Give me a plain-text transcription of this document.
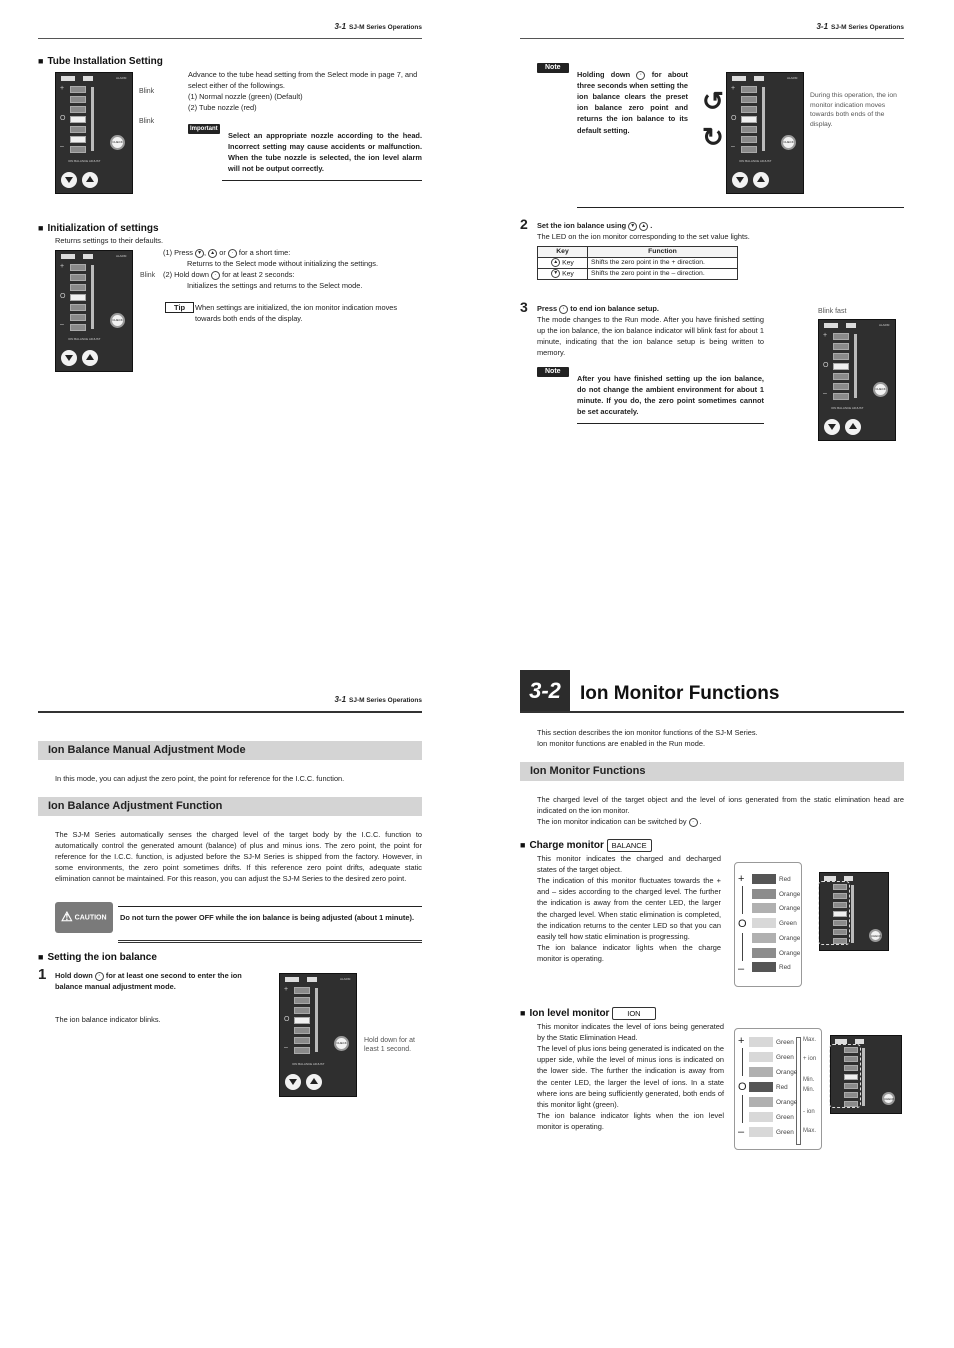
3-1 SJ-M Series Operations
■ Tube Installation Setting
ALARM
+
O
–
CHECK
ION BALANCE ADJUST
Blink
Blink
Advance to the tube head setting from the Select mode in page 7, and select either of the followings.
(1) Normal nozzle (green) (Default)
(2) Tube nozzle (red)
Important
Select an appropriate nozzle according to the head. Incorrect setting may cause accidents or malfunction. When the tube nozzle is selected, the ion level alarm will not be output correctly.
■ Initialization of settings
Returns settings to their defaults.
ALARM
+
O
–
CHECK
ION BALANCE ADJUST
Blink
(1) Press ▼ , ▲ or · for a short time:
Returns to the Select mode without initializing the settings.
(2) Hold down · for at least 2 seconds:
Initializes the settings and returns to the Select mode.
Tip	When settings are initialized, the ion monitor indication moves towards both ends of the display.
3-1 SJ-M Series Operations
Note
Holding down · for about three seconds when setting the ion balance clears the preset ion balance zero point and returns the ion balance to its default setting.
↺
↻
ALARM
+
O
–
CHECK
ION BALANCE ADJUST
During this operation, the ion monitor indication moves towards both ends of the display.
2 Set the ion balance using ▼ ▲ .
The LED on the ion monitor corresponding to the set value lights.
Key	Function
▲ Key	Shifts the zero point in the + direction.
▼ Key	Shifts the zero point in the – direction.
3 Press · to end ion balance setup.
The mode changes to the Run mode. After you have finished setting up the ion balance, the ion balance indicator will blink fast for about 1 minute, indicating that the ion balance setup is being written to memory.
Blink fast
ALARM
+
O
–
CHECK
ION BALANCE ADJUST
Note
After you have finished setting up the ion balance, do not change the ambient environment for about 1 minute. If you do, the zero point sometimes cannot be set accurately.
3-1 SJ-M Series Operations
Ion Balance Manual Adjustment Mode
In this mode, you can adjust the zero point, the point for reference for the I.C.C. function.
Ion Balance Adjustment Function
The SJ-M Series automatically senses the charged level of the target body by the I.C.C. function to automatically control the generated amount (balance) of plus and minus ions. The zero point, the point for reference for the I.C.C. function, is adjusted before the SJ-M Series is shipped from the factory. However, in some environments, the zero point sometimes drifts. If this reference zero point drifts, adequate static elimination cannot be maintained. For this reason, you can adjust the SJ-M Series to the desired zero point.
⚠ CAUTION	Do not turn the power OFF while the ion balance is being adjusted (about 1 minute).
■ Setting the ion balance
1 Hold down · for at least one second to enter the ion balance manual adjustment mode.
The ion balance indicator blinks.
ALARM
+
O
–
CHECK
ION BALANCE ADJUST
Hold down for at least 1 second.
3-2	Ion Monitor Functions
This section describes the ion monitor functions of the SJ-M Series.
Ion monitor functions are enabled in the Run mode.
Ion Monitor Functions
The charged level of the target object and the level of ions generated from the static elimination head are indicated on the ion monitor.
The ion monitor indication can be switched by · .
■ Charge monitor BALANCE
This monitor indicates the charged and decharged states of the target object.
The indication of this monitor fluctuates towards the + and – sides according to the charged level. The further the indication is away from the center LED, the larger the charged level. When static elimination is completed, the indication returns to the center LED so that you can easily tell how static elimination is progressing.
The ion balance indicator lights when the charge monitor is operating.
+
O
–
CHECK
■ Ion level monitor ION
This monitor indicates the level of ions being generated by the Static Elimination Head.
The level of plus ions being generated is indicated on the upper side, while the level of minus ions is indicated on the lower side. The further the indication is away from the center LED, the larger the level of ions. In a state where ions are being sufficiently generated, both ends of this monitor light (green).
The ion balance indicator lights when the ion level monitor is operating.
+
O
–
Max.
+ ion
Min.
Min.
- ion
Max.
CHECK
Red
Orange
Orange
Green
Orange
Orange
Red
Green
Green
Orange
Red
Orange
Green
Green
